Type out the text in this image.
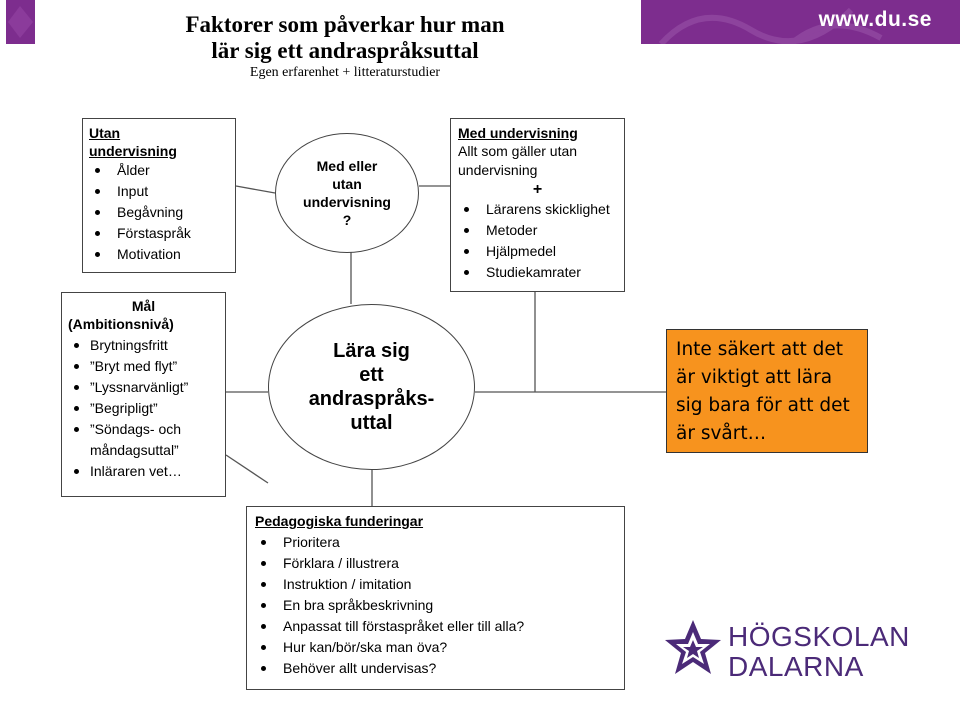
www.du.se
Faktorer som påverkar hur man
lär sig ett andraspråksuttal
Egen erfarenhet + litteraturstudier
Utan
undervisning
Ålder
Input
Begåvning
Förstaspråk
Motivation
Med eller
utan
undervisning
?
Med undervisning
Allt som gäller utan
undervisning
+
Lärarens skicklighet
Metoder
Hjälpmedel
Studiekamrater
Mål
(Ambitionsnivå)
Brytningsfritt
”Bryt med flyt”
”Lyssnarvänligt”
”Begripligt”
”Söndags- och måndagsuttal”
Inläraren vet…
Lära sig
ett
andraspråks-
uttal
Inte säkert att det är viktigt att lära sig bara för att det är svårt…
Pedagogiska funderingar
Prioritera
Förklara / illustrera
Instruktion / imitation
En bra språkbeskrivning
Anpassat till förstaspråket eller till alla?
Hur kan/bör/ska man öva?
Behöver allt undervisas?
HÖGSKOLAN
DALARNA
